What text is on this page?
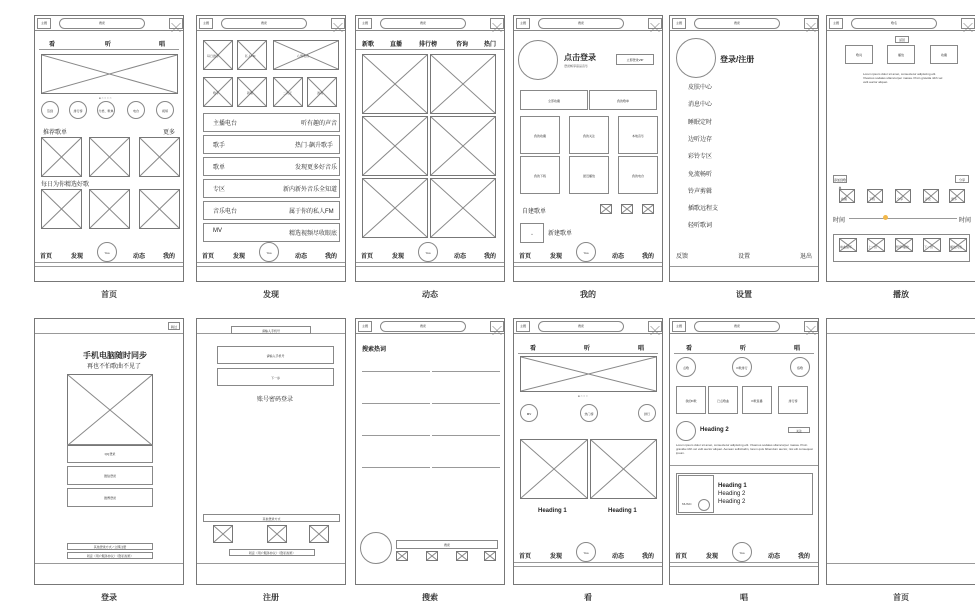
主题	搜索
看	听	唱
● ○ ○ ○ ○
签到	排行榜	分类、歌单	电台	视频
推荐歌单	更多
每日为你精选好歌
首页	发现
Yoo
动态	我的
首页
主题	搜索
每日推荐	私人FM	心情电台
歌手	新碟	二次元	游戏
主播电台	听有趣的声音
歌手	热门·飙升歌手
歌单	发现更多好音乐
专区	新内新外音乐全知道
音乐电台	属于你的私人FM
MV	精选视频尽收眼底
首页	发现
Yoo
动态	我的
发现
主题	搜索
新歌	直播	排行榜	咨询	热门
首页	发现
Yoo
动态	我的
动态
主题	搜索
点击登录
登录畅享高品音乐
立即登录VIP
全部收藏	我的歌单
我的收藏	我的关注	本地音乐
我的下载	最近播放	我的电台
自建歌单
+	新建歌单
首页	发现
Yoo
动态	我的
我的
主题	搜索
登录/注册
皮肤中心
消息中心
睡眠定时
边听边存
彩铃专区
免流畅听
铃声剪辑
插歌远程支
轻听歌词
反馈	设置	退出
设置
主题	歌名
返回
歌词	播放	收藏
Lorem ipsum dolor sit amet, consectetur adipiscing elit. Vivamus sodales ullamcorper massa. Proin gravida nibh vel velit auctor aliquet.
添加到歌单
分享
收藏	下载	分享	评论	更多
时间	时间
单曲循环	上一首	暂停/播放	下一首	播放列表
播放
跳过
手机电脑随时同步
再也不怕歌曲不见了
QQ登录
微信登录
微博登录
其他登录方式 / 立即注册
同意《用户服务协议》《隐私政策》
登录
请输入手机号
请输入手机号
下一步
账号密码登录
其他登录方式
同意《用户服务协议》《隐私政策》
注册
主题	搜索
搜索热词
搜索
搜索
主题	搜索
看	听	唱
● ○ ○ ○
MV	热门榜	排行
Heading 1	Heading 1
首页	发现
Yoo
动态	我的
看
主题	搜索
看	听	唱
点歌	K歌排行	练歌
我的K歌	已点歌曲	K歌直播	排行榜
Heading 2	关注
Lorem ipsum dolor sit amet, consectetur adipiscing elit. Vivamus sodales ullamcorper massa. Proin gravida nibh vel velit auctor aliquet. Aenean sollicitudin, lorem quis bibendum auctor, nisi elit consequat ipsum.
MUSIC
Heading 1
Heading 2
Heading 2
首页	发现
Yoo
动态	我的
唱	首页
